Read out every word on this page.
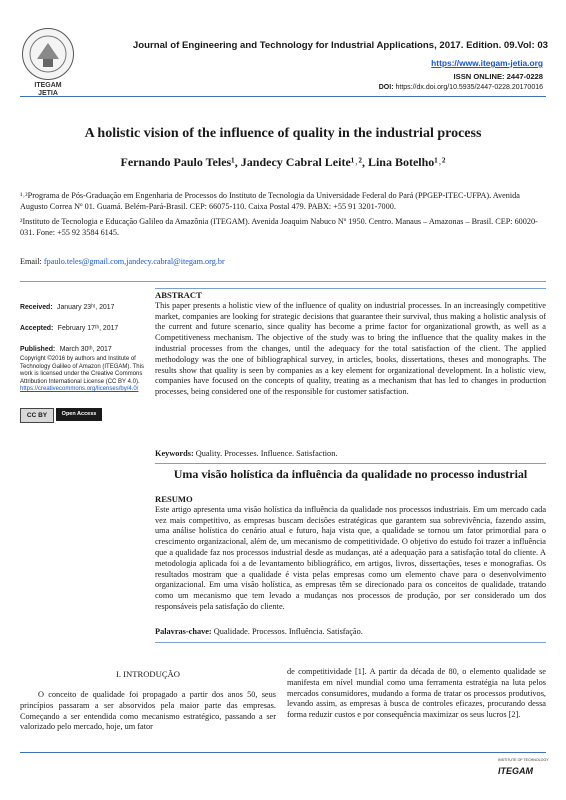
ITEGAM
JETIA
Journal of Engineering and Technology for Industrial Applications, 2017. Edition. 09.Vol: 03
https://www.itegam-jetia.org
ISSN ONLINE: 2447-0228
DOI: https://dx.doi.org/10.5935/2447-0228.20170016
A holistic vision of the influence of quality in the industrial process
Fernando Paulo Teles¹, Jandecy Cabral Leite¹˒², Lina Botelho¹˒²
¹˒²Programa de Pós-Graduação em Engenharia de Processos do Instituto de Tecnologia da Universidade Federal do Pará (PPGEP-ITEC-UFPA). Avenida Augusto Correa Nº 01. Guamá. Belém-Pará-Brasil. CEP: 66075-110. Caixa Postal 479. PABX: +55 91 3201-7000.
²Instituto de Tecnologia e Educação Galileo da Amazônia (ITEGAM). Avenida Joaquim Nabuco Nº 1950. Centro. Manaus – Amazonas – Brasil. CEP: 60020-031. Fone: +55 92 3584 6145.
Email: fpaulo.teles@gmail.com,jandecy.cabral@itegam.org.br
Received: January 23ʰᵗ, 2017
Accepted: February 17ᵗʰ, 2017
Published: March 30ᵗʰ, 2017
Copyright ©2016 by authors and Institute of Technology Galileo of Amazon (ITEGAM). This work is licensed under the Creative Commons Attribution International License (CC BY 4.0).
https://creativecommons.org/licenses/by/4.0/
CC BY	Open Access
ABSTRACT
This paper presents a holistic view of the influence of quality on industrial processes. In an increasingly competitive market, companies are looking for strategic decisions that guarantee their survival, thus making a holistic analysis of the current and future scenario, since quality has become a prime factor for organizational growth, as well as a Competitiveness mechanism. The objective of the study was to bring the influence that the quality makes in the industrial processes from the changes, until the adequacy for the total satisfaction of the client. The applied methodology was the one of bibliographical survey, in articles, books, dissertations, theses and monographs. The results show that quality is seen by companies as a key element for organizational development. In a holistic view, companies have focused on the concepts of quality, treating as a mechanism that has led to changes in production processes, being considered one of the responsible for customer satisfaction.
Keywords: Quality. Processes. Influence. Satisfaction.
Uma visão holística da influência da qualidade no processo industrial
RESUMO
Este artigo apresenta uma visão holística da influência da qualidade nos processos industriais. Em um mercado cada vez mais competitivo, as empresas buscam decisões estratégicas que garantem sua sobrevivência, fazendo assim, uma análise holística do cenário atual e futuro, haja vista que, a qualidade se tornou um fator primordial para o crescimento organizacional, além de, um mecanismo de competitividade. O objetivo do estudo foi trazer a influência que a qualidade faz nos processos industrial desde as mudanças, até a adequação para a satisfação total do cliente. A metodologia aplicada foi a de levantamento bibliográfico, em artigos, livros, dissertações, teses e monografias. Os resultados mostram que a qualidade é vista pelas empresas como um elemento chave para o desenvolvimento organizacional. Em uma visão holística, as empresas têm se direcionado para os conceitos de qualidade, tratando como um mecanismo que tem levado a mudanças nos processos de produção, por ser considerado um dos responsáveis pela satisfação do cliente.
Palavras-chave: Qualidade. Processos. Influência. Satisfação.
I. INTRODUÇÃO
O conceito de qualidade foi propagado a partir dos anos 50, seus princípios passaram a ser absorvidos pela maior parte das empresas. Começando a ser entendida como mecanismo estratégico, passando a ser valorizado pelo mercado, hoje, um fator
de competitividade [1]. A partir da década de 80, o elemento qualidade se manifesta em nível mundial como uma ferramenta estratégia na luta pelos mercados consumidores, mudando a forma de tratar os processos produtivos, levando assim, as empresas à busca de controles eficazes, procurando dessa forma reduzir custos e por consequência maximizar os seus lucros [2].
INSTITUTE OF TECHNOLOGY
ITEGAM
